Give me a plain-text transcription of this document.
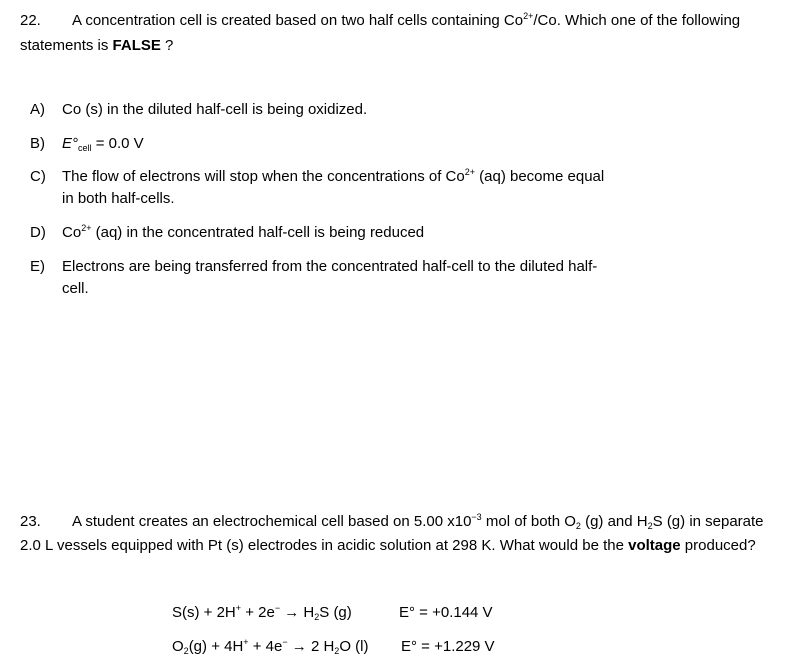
22. A concentration cell is created based on two half cells containing $Co^{2+}/Co$. Which one of the following
statements is FALSE ?
A) Co (s) in the diluted half-cell is being oxidized.
B) $E^\circ_{cell} = 0.0$ V
C) The flow of electrons will stop when the concentrations of $Co^{2+}$ (aq) become equal
in both half-cells.
D) $Co^{2+}$ (aq) in the concentrated half-cell is being reduced
E) Electrons are being transferred from the concentrated half-cell to the diluted half-
cell.
23. A student creates an electrochemical cell based on 5.00 $x10^{-3}$ mol of both $O_2$ (g) and $H_2S$ (g) in separate
2.0 L vessels equipped with Pt (s) electrodes in acidic solution at 298 K. What would be the voltage produced?
$S(s) + 2H^+ + 2e^- \to H_2S$ (g)	E° = +0.144 V
$O_2(g) + 4H^+ + 4e^- \to 2$ $H_2O$ (l) E° = +1.229 V
